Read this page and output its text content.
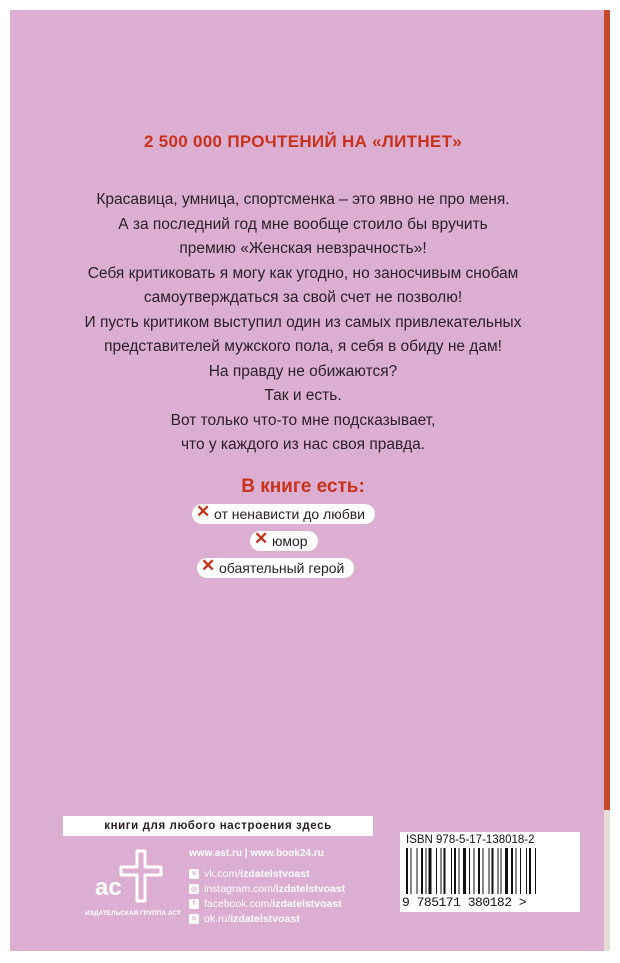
2 500 000 ПРОЧТЕНИЙ НА «ЛИТНЕТ»
Красавица, умница, спортсменка – это явно не про меня.
А за последний год мне вообще стоило бы вручить
премию «Женская невзрачность»!
Себя критиковать я могу как угодно, но заносчивым снобам
самоутверждаться за свой счет не позволю!
И пусть критиком выступил один из самых привлекательных
представителей мужского пола, я себя в обиду не дам!
На правду не обижаются?
Так и есть.
Вот только что-то мне подсказывает,
что у каждого из нас своя правда.
В книге есть:
✕ от ненависти до любви
✕ юмор
✕ обаятельный герой
книги для любого настроения здесь
ac
ИЗДАТЕЛЬСКАЯ ГРУППА АСТ
www.ast.ru | www.book24.ru
v vk.com/ izdatelstvoast
◎ instagram.com/ izdatelstvoast
f facebook.com/ izdatelstvoast
o ok.ru/ izdatelstvoast
ISBN 978-5-17-138018-2
9 785171 380182 >
